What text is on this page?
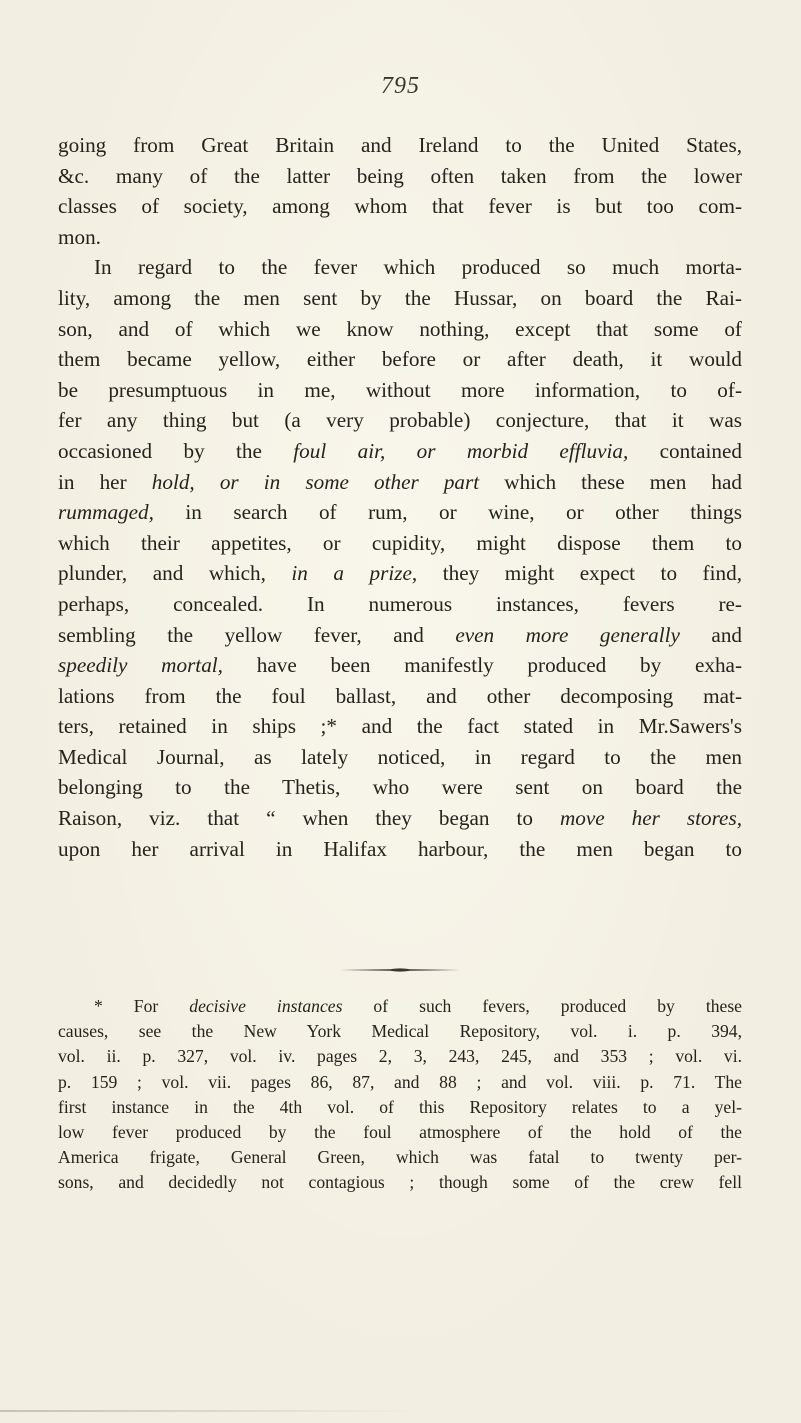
795
going from Great Britain and Ireland to the United States,
&c. many of the latter being often taken from the lower
classes of society, among whom that fever is but too com-
mon.
In regard to the fever which produced so much morta-
lity, among the men sent by the Hussar, on board the Rai-
son, and of which we know nothing, except that some of
them became yellow, either before or after death, it would
be presumptuous in me, without more information, to of-
fer any thing but (a very probable) conjecture, that it was
occasioned by the foul air, or morbid effluvia, contained
in her hold, or in some other part which these men had
rummaged, in search of rum, or wine, or other things
which their appetites, or cupidity, might dispose them to
plunder, and which, in a prize, they might expect to find,
perhaps, concealed. In numerous instances, fevers re-
sembling the yellow fever, and even more generally and
speedily mortal, have been manifestly produced by exha-
lations from the foul ballast, and other decomposing mat-
ters, retained in ships ;* and the fact stated in Mr.Sawers's
Medical Journal, as lately noticed, in regard to the men
belonging to the Thetis, who were sent on board the
Raison, viz. that “ when they began to move her stores,
upon her arrival in Halifax harbour, the men began to
* For decisive instances of such fevers, produced by these
causes, see the New York Medical Repository, vol. i. p. 394,
vol. ii. p. 327, vol. iv. pages 2, 3, 243, 245, and 353 ; vol. vi.
p. 159 ; vol. vii. pages 86, 87, and 88 ; and vol. viii. p. 71. The
first instance in the 4th vol. of this Repository relates to a yel-
low fever produced by the foul atmosphere of the hold of the
America frigate, General Green, which was fatal to twenty per-
sons, and decidedly not contagious ; though some of the crew fell
